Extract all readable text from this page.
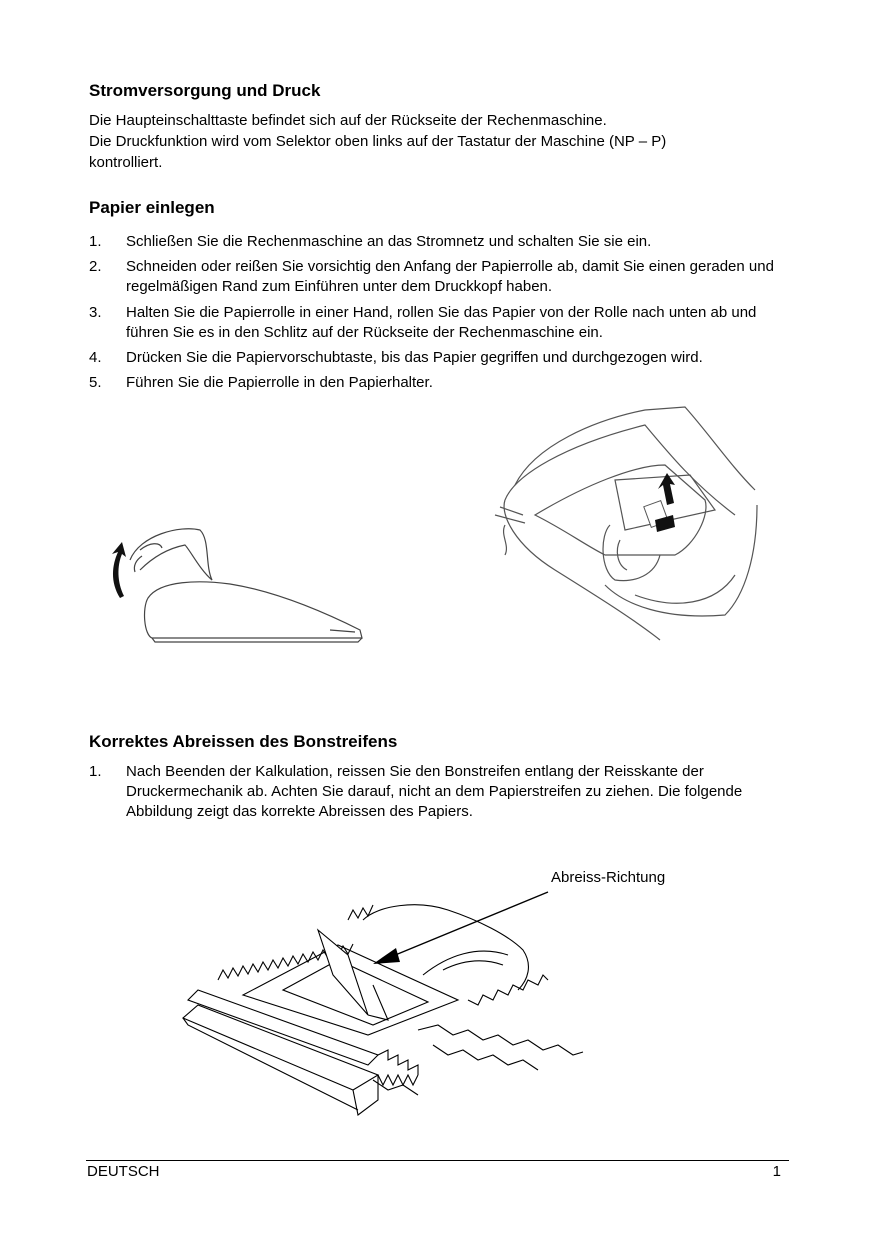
Stromversorgung und Druck
Die Haupteinschalttaste befindet sich auf der Rückseite der Rechenmaschine.
Die Druckfunktion wird vom Selektor oben links auf der Tastatur der Maschine (NP – P)
kontrolliert.
Papier einlegen
1. Schließen Sie die Rechenmaschine an das Stromnetz und schalten Sie sie ein.
2. Schneiden oder reißen Sie vorsichtig den Anfang der Papierrolle ab, damit Sie einen geraden und regelmäßigen Rand zum Einführen unter dem Druckkopf haben.
3. Halten Sie die Papierrolle in einer Hand, rollen Sie das Papier von der Rolle nach unten ab und führen Sie es in den Schlitz auf der Rückseite der Rechenmaschine ein.
4. Drücken Sie die Papiervorschubtaste, bis das Papier gegriffen und durchgezogen wird.
5. Führen Sie die Papierrolle in den Papierhalter.
Korrektes Abreissen des Bonstreifens
1. Nach Beenden der Kalkulation, reissen Sie den Bonstreifen entlang der Reisskante der Druckermechanik ab. Achten Sie darauf, nicht an dem Papierstreifen zu ziehen. Die folgende Abbildung zeigt das korrekte Abreissen des Papiers.
Abreiss-Richtung
DEUTSCH	1
